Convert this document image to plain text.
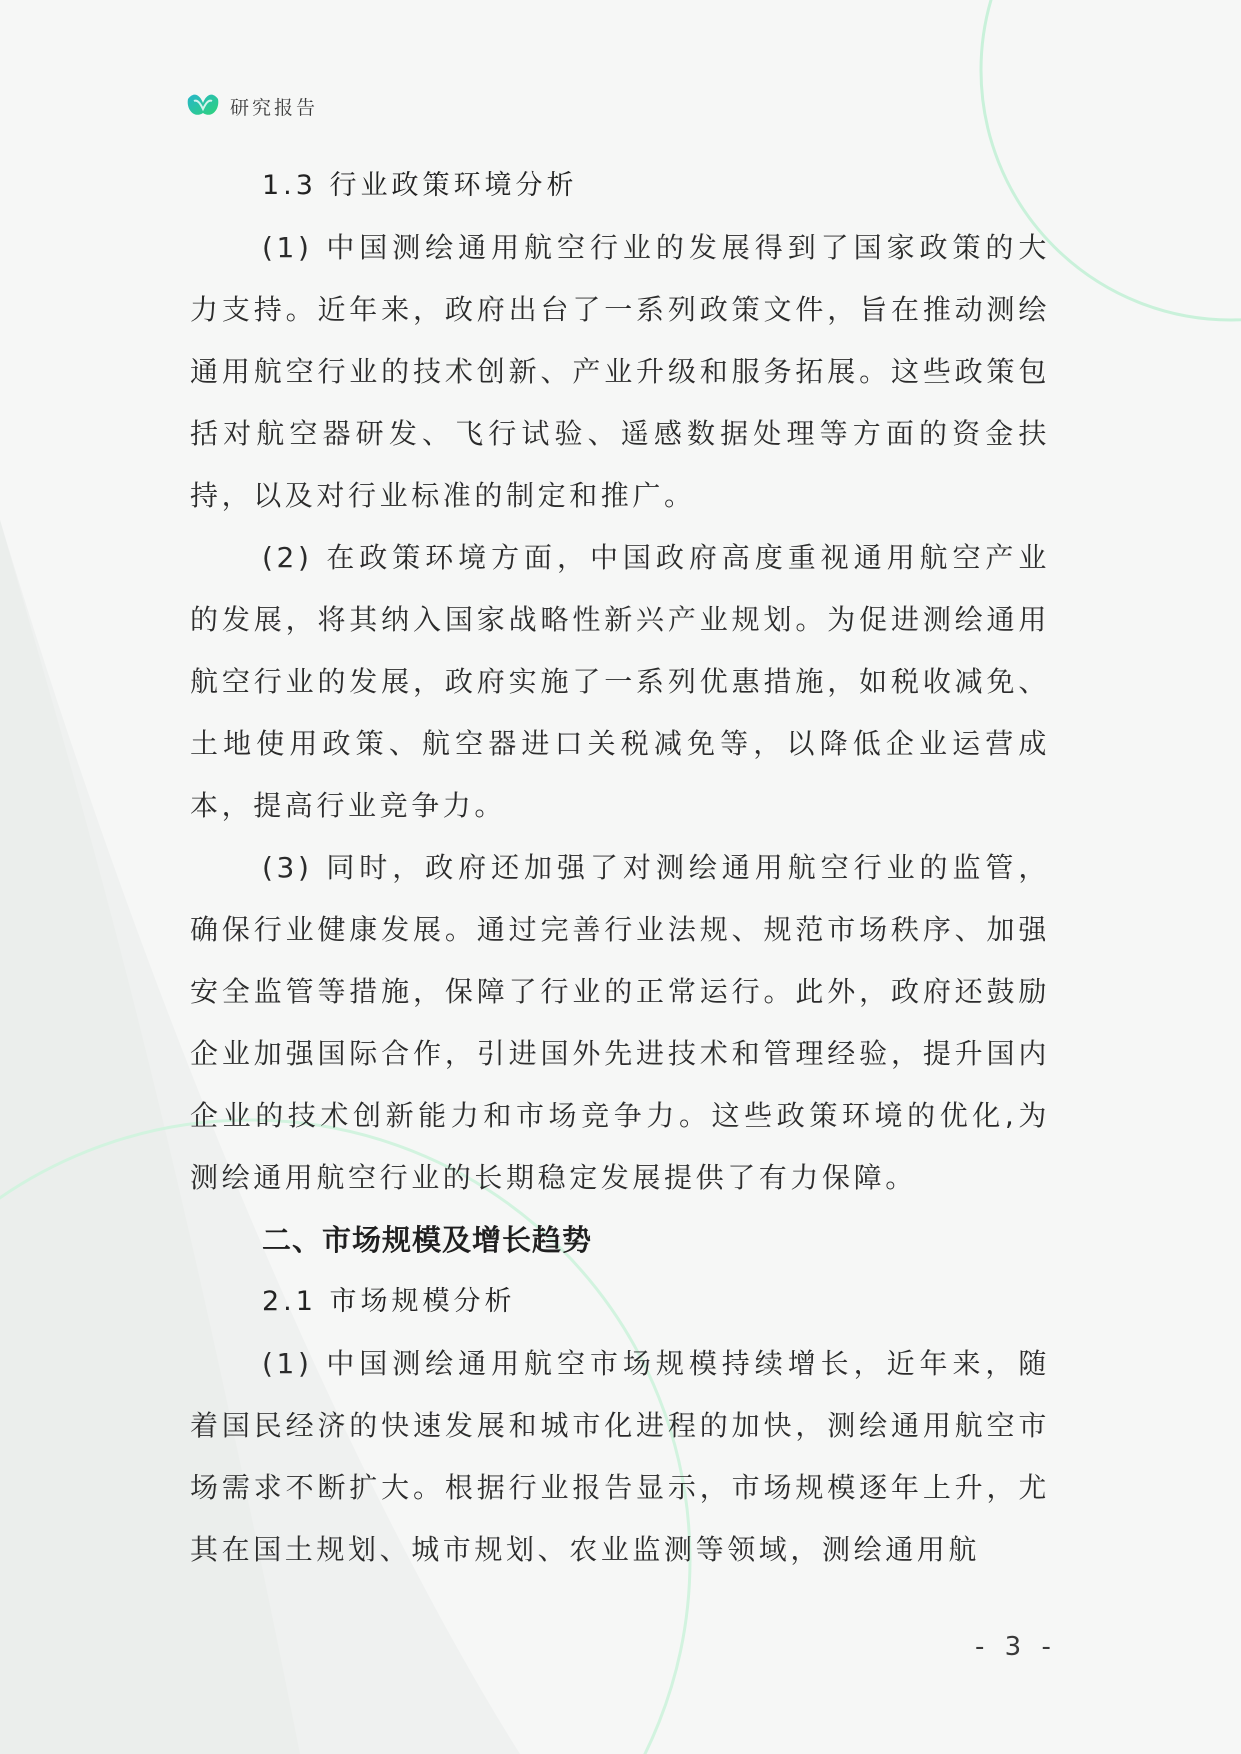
研究报告
1.3 行业政策环境分析

(1) 中国测绘通用航空行业的发展得到了国家政策的大力支持。近年来，政府出台了一系列政策文件，旨在推动测绘通用航空行业的技术创新、产业升级和服务拓展。这些政策包括对航空器研发、飞行试验、遥感数据处理等方面的资金扶持，以及对行业标准的制定和推广。

(2) 在政策环境方面，中国政府高度重视通用航空产业的发展，将其纳入国家战略性新兴产业规划。为促进测绘通用航空行业的发展，政府实施了一系列优惠措施，如税收减免、土地使用政策、航空器进口关税减免等，以降低企业运营成本，提高行业竞争力。

(3) 同时，政府还加强了对测绘通用航空行业的监管，确保行业健康发展。通过完善行业法规、规范市场秩序、加强安全监管等措施，保障了行业的正常运行。此外，政府还鼓励企业加强国际合作，引进国外先进技术和管理经验，提升国内企业的技术创新能力和市场竞争力。这些政策环境的优化,为测绘通用航空行业的长期稳定发展提供了有力保障。

二、市场规模及增长趋势
2.1 市场规模分析

(1) 中国测绘通用航空市场规模持续增长，近年来，随着国民经济的快速发展和城市化进程的加快，测绘通用航空市场需求不断扩大。根据行业报告显示，市场规模逐年上升，尤其在国土规划、城市规划、农业监测等领域，测绘通用航

- 3 -
